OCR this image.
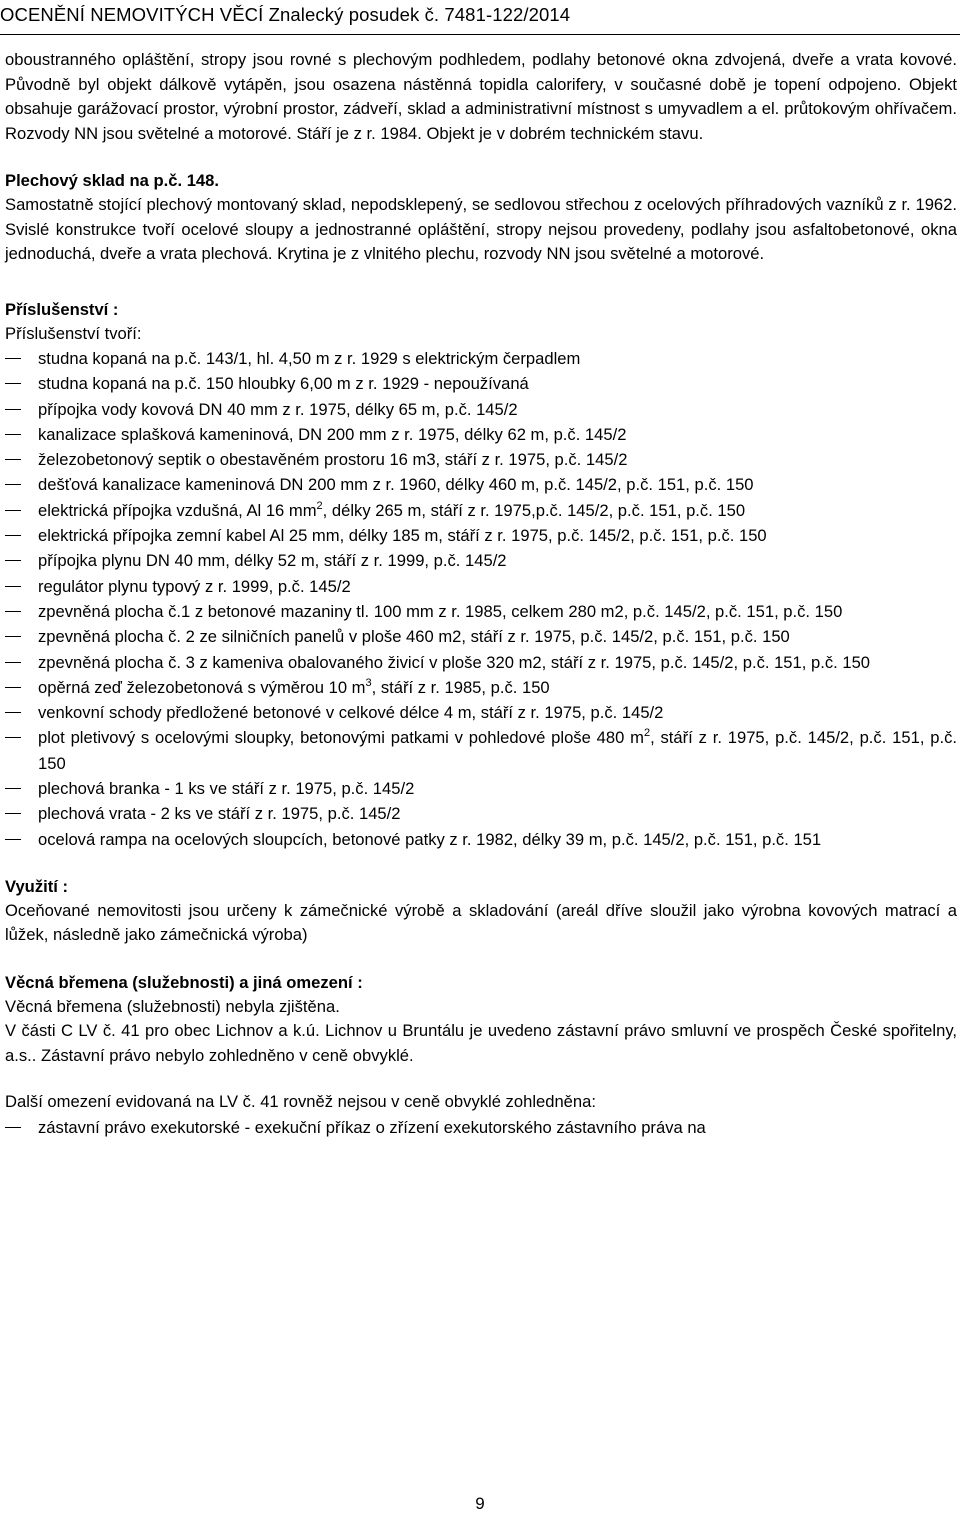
OCENĚNÍ NEMOVITÝCH VĚCÍ Znalecký posudek č. 7481-122/2014

oboustranného opláštění, stropy jsou rovné s plechovým podhledem, podlahy betonové okna zdvojená, dveře a vrata kovové. Původně byl objekt dálkově vytápěn, jsou osazena nástěnná topidla calorifery, v současné době je topení odpojeno. Objekt obsahuje garážovací prostor, výrobní prostor, zádveří, sklad a administrativní místnost s umyvadlem a el. průtokovým ohřívačem. Rozvody NN jsou světelné a motorové. Stáří je z r. 1984. Objekt je v dobrém technickém stavu.

Plechový sklad na p.č. 148.

Samostatně stojící plechový montovaný sklad, nepodsklepený, se sedlovou střechou z ocelových příhradových vazníků z r. 1962. Svislé konstrukce tvoří ocelové sloupy a jednostranné opláštění, stropy nejsou provedeny, podlahy jsou asfaltobetonové, okna jednoduchá, dveře a vrata plechová. Krytina je z vlnitého plechu, rozvody NN jsou světelné a motorové.

Příslušenství :

Příslušenství tvoří:

studna kopaná na p.č. 143/1, hl. 4,50 m z r. 1929 s elektrickým čerpadlem
studna kopaná na p.č. 150 hloubky 6,00 m z r. 1929 - nepoužívaná
přípojka vody kovová DN 40 mm z r. 1975, délky 65 m, p.č. 145/2
kanalizace splašková kameninová, DN 200 mm z r. 1975, délky 62 m, p.č. 145/2
železobetonový septik o obestavěném prostoru 16 m3, stáří z r. 1975, p.č. 145/2
dešťová kanalizace kameninová DN 200 mm z r. 1960, délky 460 m, p.č. 145/2, p.č. 151, p.č. 150
elektrická přípojka vzdušná, Al 16 $mm^2$, délky 265 m, stáří z r. 1975,p.č. 145/2, p.č. 151, p.č. 150
elektrická přípojka zemní kabel Al 25 mm, délky 185 m, stáří z r. 1975, p.č. 145/2, p.č. 151, p.č. 150
přípojka plynu DN 40 mm, délky 52 m, stáří z r. 1999, p.č. 145/2
regulátor plynu typový z r. 1999, p.č. 145/2
zpevněná plocha č.1 z betonové mazaniny tl. 100 mm z r. 1985, celkem 280 m2, p.č. 145/2, p.č. 151, p.č. 150
zpevněná plocha č. 2 ze silničních panelů v ploše 460 m2, stáří z r. 1975, p.č. 145/2, p.č. 151, p.č. 150
zpevněná plocha č. 3 z kameniva obalovaného živicí v ploše 320 m2, stáří z r. 1975, p.č. 145/2, p.č. 151, p.č. 150
opěrná zeď železobetonová s výměrou 10 $m^3$, stáří z r. 1985, p.č. 150
venkovní schody předložené betonové v celkové délce 4 m, stáří z r. 1975, p.č. 145/2
plot pletivový s ocelovými sloupky, betonovými patkami v pohledové ploše 480 $m^2$, stáří z r. 1975, p.č. 145/2, p.č. 151, p.č. 150
plechová branka - 1 ks ve stáří z r. 1975, p.č. 145/2
plechová vrata - 2 ks ve stáří z r. 1975, p.č. 145/2
ocelová rampa na ocelových sloupcích, betonové patky z r. 1982, délky 39 m, p.č. 145/2, p.č. 151, p.č. 151

Využití :

Oceňované nemovitosti jsou určeny k zámečnické výrobě a skladování (areál dříve sloužil jako výrobna kovových matrací a lůžek, následně jako zámečnická výroba)

Věcná břemena (služebnosti) a jiná omezení :

Věcná břemena (služebnosti) nebyla zjištěna.

V části C LV č. 41 pro obec Lichnov a k.ú. Lichnov u Bruntálu je uvedeno zástavní právo smluvní ve prospěch České spořitelny, a.s.. Zástavní právo nebylo zohledněno v ceně obvyklé.

Další omezení evidovaná na LV č. 41 rovněž nejsou v ceně obvyklé zohledněna:

zástavní právo exekutorské - exekuční příkaz o zřízení exekutorského zástavního práva na
9
